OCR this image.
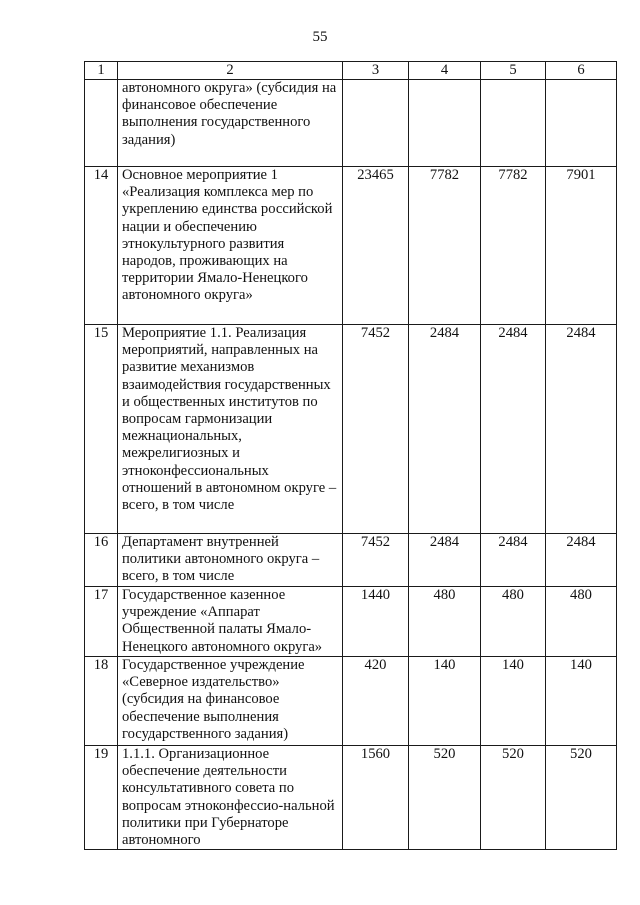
55
1	2	3	4	5	6
	автономного округа» (субсидия на финансовое обеспечение выполнения государственного задания)				
14	Основное мероприятие 1 «Реализация комплекса мер по укреплению единства российской нации и обеспечению этнокультурного развития народов, проживающих на территории Ямало-Ненецкого автономного округа»	23465	7782	7782	7901
15	Мероприятие 1.1. Реализация мероприятий, направленных на развитие механизмов взаимодействия государственных и общественных институтов по вопросам гармонизации межнациональных, межрелигиозных и этноконфессиональных отношений в автономном округе – всего, в том числе	7452	2484	2484	2484
16	Департамент внутренней политики автономного округа – всего, в том числе	7452	2484	2484	2484
17	Государственное казенное учреждение «Аппарат Общественной палаты Ямало-Ненецкого автономного округа»	1440	480	480	480
18	Государственное учреждение «Северное издательство» (субсидия на финансовое обеспечение выполнения государственного задания)	420	140	140	140
19	1.1.1. Организационное обеспечение деятельности консультативного совета по вопросам этноконфессио-нальной политики при Губернаторе автономного	1560	520	520	520
